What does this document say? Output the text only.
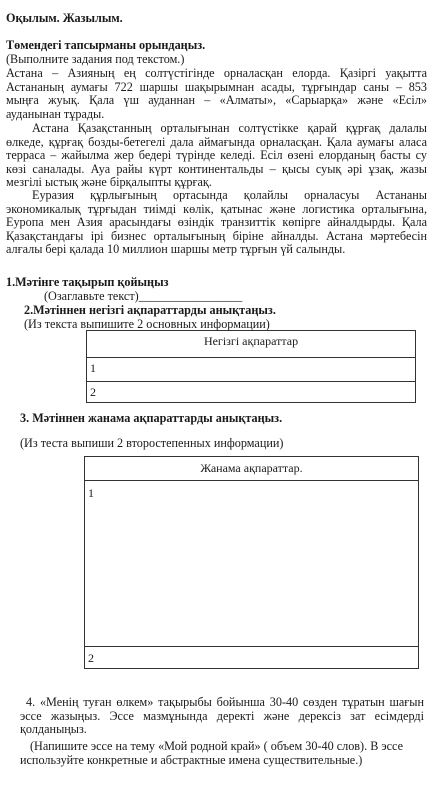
Оқылым. Жазылым.
Төмендегі тапсырманы орындаңыз.
(Выполните задания под текстом.)
Астана – Азияның ең солтүстігінде орналасқан елорда. Қазіргі уақытта Астананың аумағы 722 шаршы шақырымнан асады, тұрғындар саны – 853 мыңға жуық. Қала үш ауданнан – «Алматы», «Сарыарқа» және «Есіл» ауданынан тұрады.
Астана Қазақстанның орталығынан солтүстікке қарай құрғақ далалы өлкеде, құрғақ бозды-бетегелі дала аймағында орналасқан. Қала аумағы аласа терраса – жайылма жер бедері түрінде келеді. Есіл өзені елорданың басты су көзі саналады. Ауа райы күрт континентальды – қысы суық әрі ұзақ, жазы мезгілі ыстық және бірқалыпты құрғақ.
Еуразия құрлығының ортасында қолайлы орналасуы Астананы экономикалық тұрғыдан тиімді көлік, қатынас және логистика орталығына, Еуропа мен Азия арасындағы өзіндік транзиттік көпірге айналдырды. Қала Қазақстандағы ірі бизнес орталығының біріне айналды. Астана мәртебесін алғалы бері қалада 10 миллион шаршы метр тұрғын үй салынды.
1.Мәтінге тақырып қойыңыз
(Озаглавьте текст)_________________
2.Мәтіннен негізгі ақпараттарды анықтаңыз.
(Из текста выпишите 2 основных информации)
Негізгі ақпараттар
1
2
3. Мәтіннен жанама ақпараттарды анықтаңыз.
(Из теста выпиши 2 второстепенных информации)
Жанама ақпараттар.
1
2
4. «Менің туған өлкем» тақырыбы бойынша 30-40 сөзден тұратын шағын эссе жазыңыз. Эссе мазмұнында деректі және дерексіз зат есімдерді қолданыңыз.
(Напишите эссе на тему «Мой родной край» ( объем 30-40 слов). В эссе используйте конкретные и абстрактные имена существительные.)
